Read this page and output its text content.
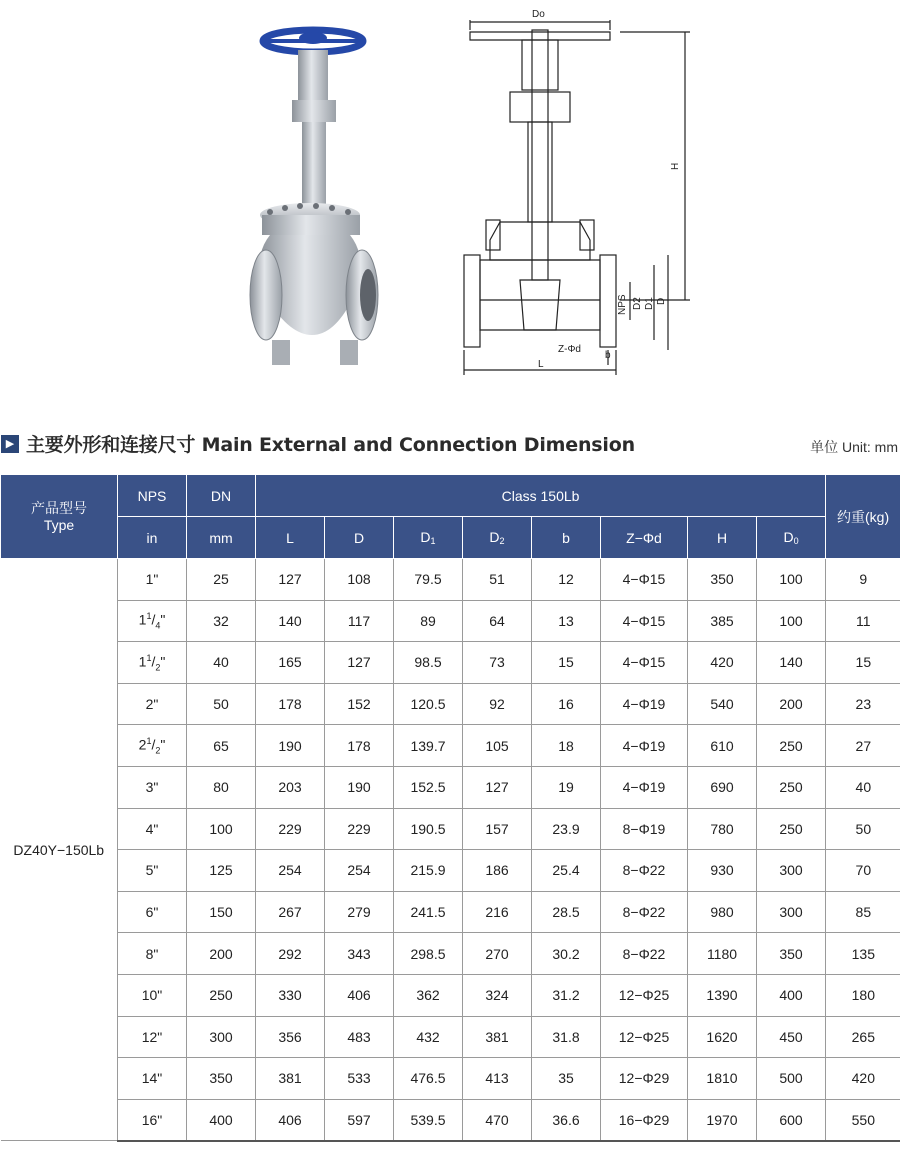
Do
H
NPS D2 D1 D
Z-Φd
L
b
▶ 主要外形和连接尺寸 Main External and Connection Dimension	单位 Unit: mm
产品型号
Type	NPS	DN	Class 150Lb								约重(kg)
	in	mm	L	D	$D_1$	$D_2$	b	Z−Φd	H	$D_0$
DZ40Y−150Lb	1"	25	127	108	79.5	51	12	4−Φ15	350	100	9
	$1^1/_4$"	32	140	117	89	64	13	4−Φ15	385	100	11
	$1^1/_2$"	40	165	127	98.5	73	15	4−Φ15	420	140	15
	2"	50	178	152	120.5	92	16	4−Φ19	540	200	23
	$2^1/_2$"	65	190	178	139.7	105	18	4−Φ19	610	250	27
	3"	80	203	190	152.5	127	19	4−Φ19	690	250	40
	4"	100	229	229	190.5	157	23.9	8−Φ19	780	250	50
	5"	125	254	254	215.9	186	25.4	8−Φ22	930	300	70
	6"	150	267	279	241.5	216	28.5	8−Φ22	980	300	85
	8"	200	292	343	298.5	270	30.2	8−Φ22	1180	350	135
	10"	250	330	406	362	324	31.2	12−Φ25	1390	400	180
	12"	300	356	483	432	381	31.8	12−Φ25	1620	450	265
	14"	350	381	533	476.5	413	35	12−Φ29	1810	500	420
	16"	400	406	597	539.5	470	36.6	16−Φ29	1970	600	550
